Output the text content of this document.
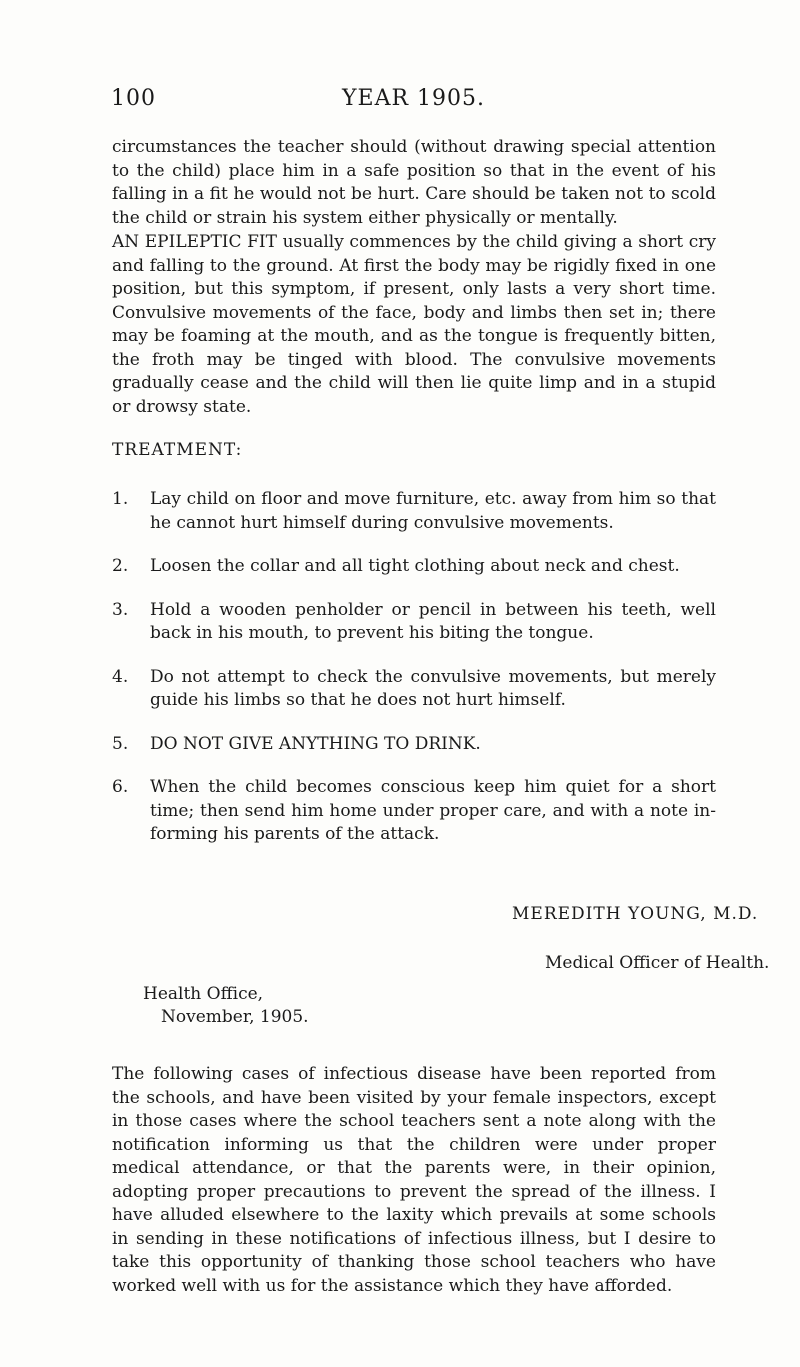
100	YEAR 1905.

circumstances the teacher should (without drawing special attention to the child) place him in a safe position so that in the event of his falling in a fit he would not be hurt. Care should be taken not to scold the child or strain his system either physically or mentally.

AN EPILEPTIC FIT usually commences by the child giving a short cry and falling to the ground. At first the body may be rigidly fixed in one position, but this symptom, if present, only lasts a very short time. Convulsive movements of the face, body and limbs then set in; there may be foaming at the mouth, and as the tongue is frequently bitten, the froth may be tinged with blood. The convulsive movements gradually cease and the child will then lie quite limp and in a stupid or drowsy state.

TREATMENT:
1.	Lay child on floor and move furniture, etc. away from him so that he cannot hurt himself during convulsive movements.
2.	Loosen the collar and all tight clothing about neck and chest.
3.	Hold a wooden penholder or pencil in between his teeth, well back in his mouth, to prevent his biting the tongue.
4.	Do not attempt to check the convulsive movements, but merely guide his limbs so that he does not hurt himself.
5.	DO NOT GIVE ANYTHING TO DRINK.
6.	When the child becomes conscious keep him quiet for a short time; then send him home under proper care, and with a note in-forming his parents of the attack.
MEREDITH YOUNG, M.D.
Medical Officer of Health.
Health Office,
November, 1905.

The following cases of infectious disease have been reported from the schools, and have been visited by your female inspectors, except in those cases where the school teachers sent a note along with the notification informing us that the children were under proper medical attendance, or that the parents were, in their opinion, adopting proper precautions to prevent the spread of the illness. I have alluded elsewhere to the laxity which prevails at some schools in sending in these notifications of infectious illness, but I desire to take this opportunity of thanking those school teachers who have worked well with us for the assistance which they have afforded.
